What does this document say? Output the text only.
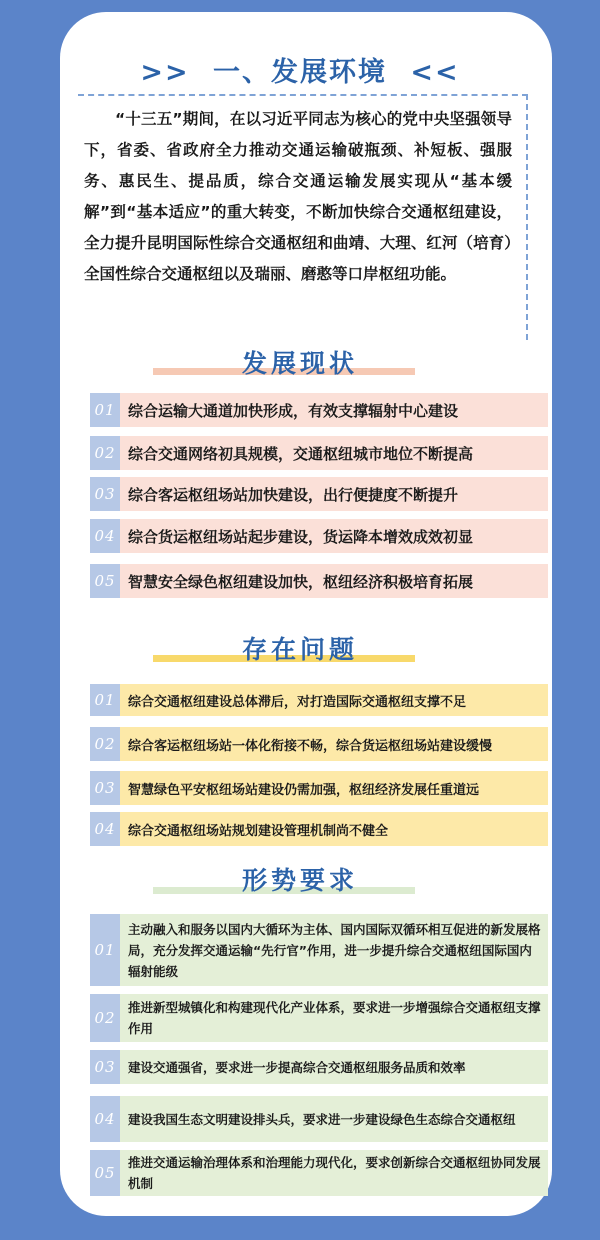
>> 一、发展环境 <<

“十三五”期间，在以习近平同志为核心的党中央坚强领导下，省委、省政府全力推动交通运输破瓶颈、补短板、强服务、惠民生、提品质，综合交通运输发展实现从“基本缓解”到“基本适应”的重大转变，不断加快综合交通枢纽建设，全力提升昆明国际性综合交通枢纽和曲靖、大理、红河（培育）全国性综合交通枢纽以及瑞丽、磨憨等口岸枢纽功能。

发展现状
01 综合运输大通道加快形成，有效支撑辐射中心建设
02 综合交通网络初具规模，交通枢纽城市地位不断提高
03 综合客运枢纽场站加快建设，出行便捷度不断提升
04 综合货运枢纽场站起步建设，货运降本增效成效初显
05 智慧安全绿色枢纽建设加快，枢纽经济积极培育拓展
存在问题
01 综合交通枢纽建设总体滞后，对打造国际交通枢纽支撑不足
02 综合客运枢纽场站一体化衔接不畅，综合货运枢纽场站建设缓慢
03 智慧绿色平安枢纽场站建设仍需加强，枢纽经济发展任重道远
04 综合交通枢纽场站规划建设管理机制尚不健全
形势要求
01
主动融入和服务以国内大循环为主体、国内国际双循环相互促进的新发展格局，充分发挥交通运输“先行官”作用，进一步提升综合交通枢纽国际国内辐射能级
02
推进新型城镇化和构建现代化产业体系，要求进一步增强综合交通枢纽支撑作用
03 建设交通强省，要求进一步提高综合交通枢纽服务品质和效率
04 建设我国生态文明建设排头兵，要求进一步建设绿色生态综合交通枢纽
05
推进交通运输治理体系和治理能力现代化，要求创新综合交通枢纽协同发展机制
